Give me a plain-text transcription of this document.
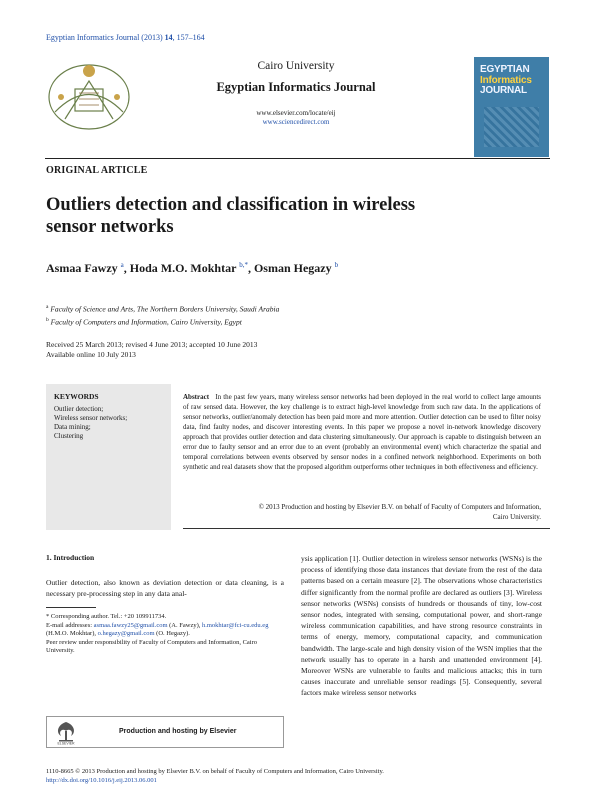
Egyptian Informatics Journal (2013) 14, 157–164
Cairo University
Egyptian Informatics Journal
www.elsevier.com/locate/eij
www.sciencedirect.com
EGYPTIAN
Informatics
JOURNAL
ORIGINAL ARTICLE
Outliers detection and classification in wireless sensor networks
Asmaa Fawzy $^a$, Hoda M.O. Mokhtar $^{b,*}$, Osman Hegazy $^b$
$^a$ Faculty of Science and Arts, The Northern Borders University, Saudi Arabia
$^b$ Faculty of Computers and Information, Cairo University, Egypt
Received 25 March 2013; revised 4 June 2013; accepted 10 June 2013
Available online 10 July 2013
KEYWORDS
Outlier detection;
Wireless sensor networks;
Data mining;
Clustering
Abstract In the past few years, many wireless sensor networks had been deployed in the real world to collect large amounts of raw sensed data. However, the key challenge is to extract high-level knowledge from such raw data. In the applications of sensor networks, outlier/anomaly detection has been paid more and more attention. Outlier detection can be used to filter noisy data, find faulty nodes, and discover interesting events. In this paper we propose a novel in-network knowledge discovery approach that provides outlier detection and data clustering simultaneously. Our approach is capable to distinguish between an error due to faulty sensor and an error due to an event (probably an environmental event) which characterize the spatial and temporal correlations between events observed by sensor nodes in a confined network neighborhood. Experiments on both synthetic and real datasets show that the proposed algorithm outperforms other techniques in both effectiveness and efficiency.
© 2013 Production and hosting by Elsevier B.V. on behalf of Faculty of Computers and Information,
Cairo University.
1. Introduction
Outlier detection, also known as deviation detection or data cleaning, is a necessary pre-processing step in any data anal-
* Corresponding author. Tel.: +20 109911734.
E-mail addresses: asmaa.fawzy25@gmail.com (A. Fawzy), h.mokhtar@fci-cu.edu.eg (H.M.O. Mokhtar), o.hegazy@gmail.com (O. Hegazy).
Peer review under responsibility of Faculty of Computers and Information, Cairo University.
ELSEVIER
Production and hosting by Elsevier
ysis application [1]. Outlier detection in wireless sensor networks (WSNs) is the process of identifying those data instances that deviate from the rest of the data patterns based on a certain measure [2]. The observations whose characteristics differ significantly from the normal profile are declared as outliers [3]. Wireless sensor networks (WSNs) consists of hundreds or thousands of tiny, low-cost sensor nodes, integrated with sensing, computational power, and short-range wireless communication capabilities, and have strong resource constraints in terms of energy, memory, computational capacity, and communication bandwidth. The large-scale and high density vision of the WSN implies that the network usually has to operate in a harsh and unattended environment [4]. Moreover WSNs are vulnerable to faults and malicious attacks; this in turn causes inaccurate and unreliable sensor readings [5]. Consequently, several factors make wireless sensor networks
1110-8665 © 2013 Production and hosting by Elsevier B.V. on behalf of Faculty of Computers and Information, Cairo University.
http://dx.doi.org/10.1016/j.eij.2013.06.001
